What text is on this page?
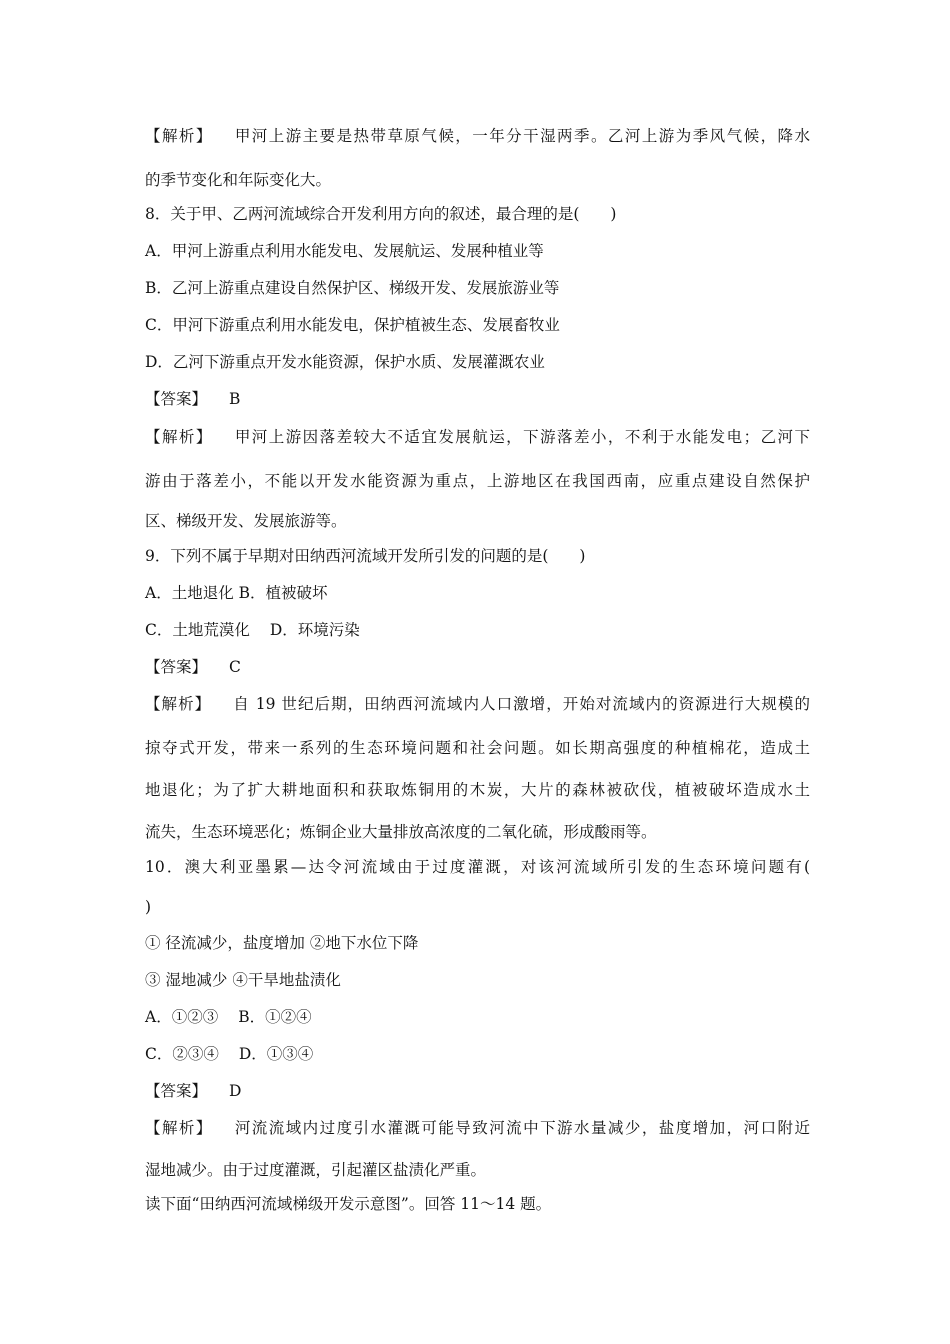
【解析】 甲河上游主要是热带草原气候，一年分干湿两季。乙河上游为季风气候，降水
的季节变化和年际变化大。
8．关于甲、乙两河流域综合开发利用方向的叙述，最合理的是(　　)
A．甲河上游重点利用水能发电、发展航运、发展种植业等
B．乙河上游重点建设自然保护区、梯级开发、发展旅游业等
C．甲河下游重点利用水能发电，保护植被生态、发展畜牧业
D．乙河下游重点开发水能资源，保护水质、发展灌溉农业
【答案】 B
【解析】 甲河上游因落差较大不适宜发展航运，下游落差小，不利于水能发电；乙河下
游由于落差小，不能以开发水能资源为重点，上游地区在我国西南，应重点建设自然保护
区、梯级开发、发展旅游等。
9．下列不属于早期对田纳西河流域开发所引发的问题的是(　　)
A．土地退化 B．植被破坏
C．土地荒漠化 D．环境污染
【答案】 C
【解析】 自 19 世纪后期，田纳西河流域内人口激增，开始对流域内的资源进行大规模的
掠夺式开发，带来一系列的生态环境问题和社会问题。如长期高强度的种植棉花，造成土
地退化；为了扩大耕地面积和获取炼铜用的木炭，大片的森林被砍伐，植被破坏造成水土
流失，生态环境恶化；炼铜企业大量排放高浓度的二氧化硫，形成酸雨等。
10．澳大利亚墨累—达令河流域由于过度灌溉，对该河流域所引发的生态环境问题有(
)
① 径流减少，盐度增加 ②地下水位下降
③ 湿地减少 ④干旱地盐渍化
A．①②③ B．①②④
C．②③④ D．①③④
【答案】 D
【解析】 河流流域内过度引水灌溉可能导致河流中下游水量减少，盐度增加，河口附近
湿地减少。由于过度灌溉，引起灌区盐渍化严重。
读下面“田纳西河流域梯级开发示意图”。回答 11～14 题。
